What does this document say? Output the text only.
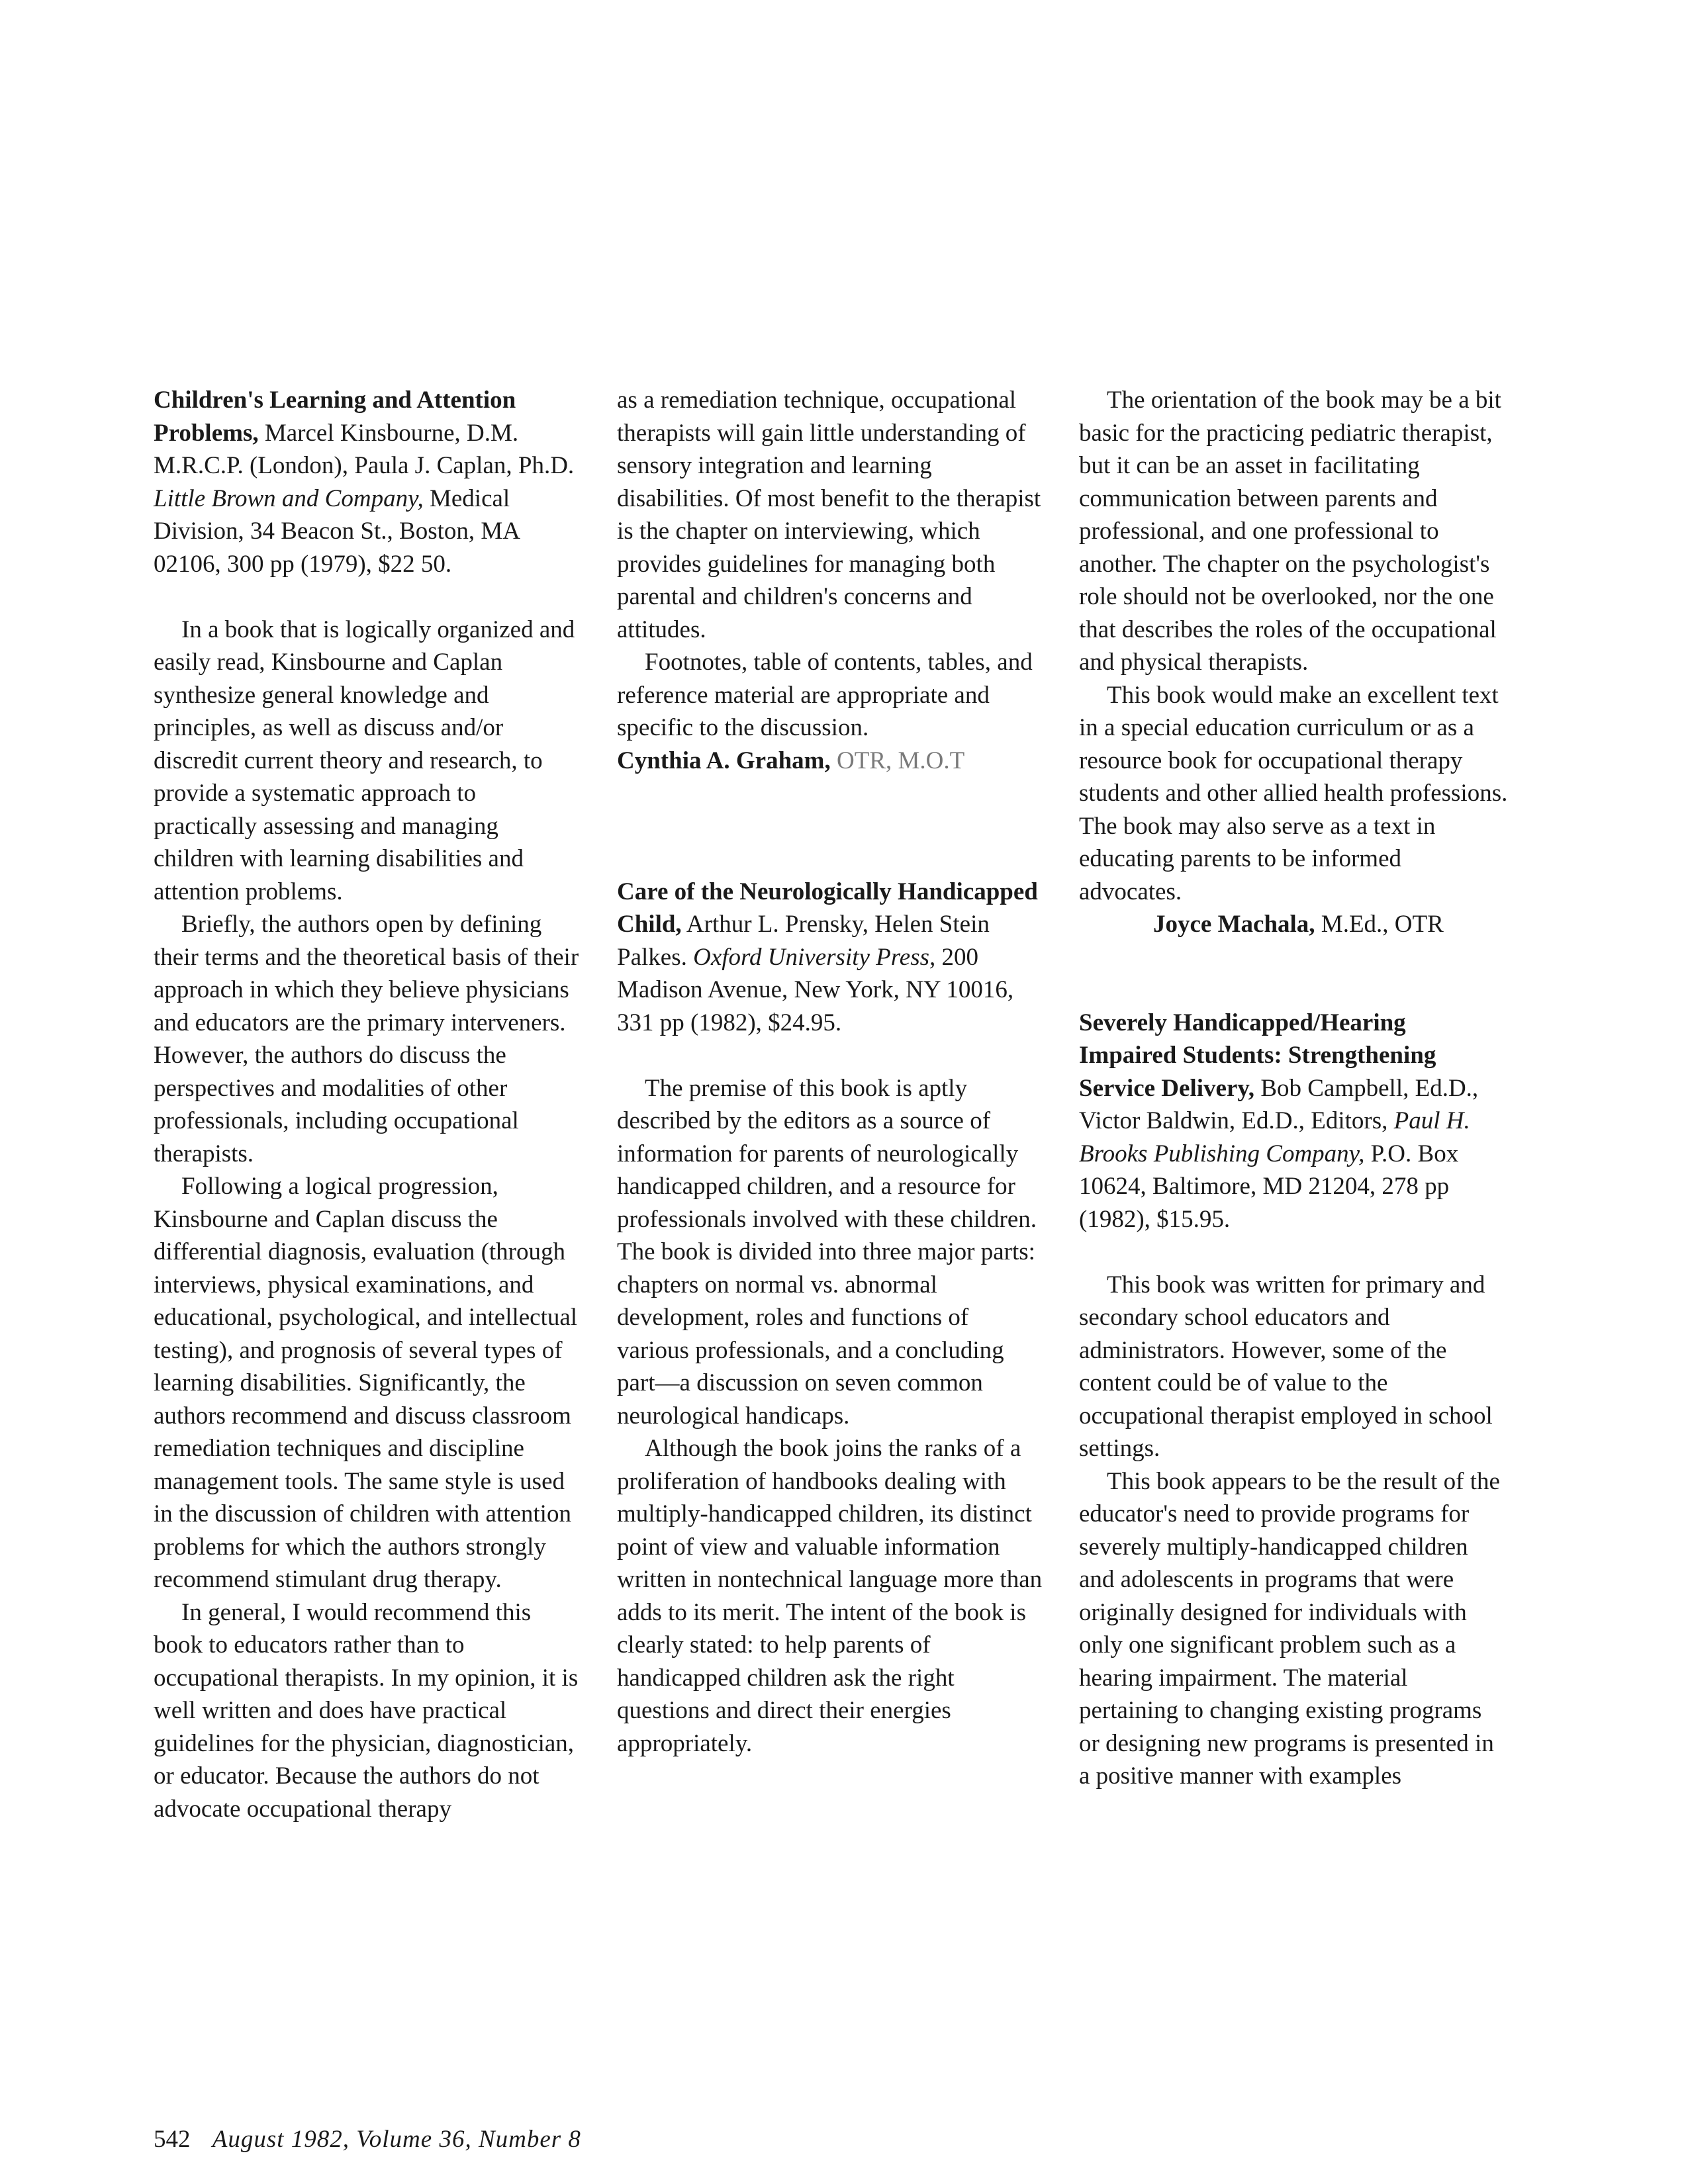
Children's Learning and Attention Problems, Marcel Kinsbourne, D.M. M.R.C.P. (London), Paula J. Caplan, Ph.D. Little Brown and Company, Medical Division, 34 Beacon St., Boston, MA 02106, 300 pp (1979), $22 50.

In a book that is logically organized and easily read, Kinsbourne and Caplan synthesize general knowledge and principles, as well as discuss and/or discredit current theory and research, to provide a systematic approach to practically assessing and managing children with learning disabilities and attention problems.

Briefly, the authors open by defining their terms and the theoretical basis of their approach in which they believe physicians and educators are the primary interveners. However, the authors do discuss the perspectives and modalities of other professionals, including occupational therapists.

Following a logical progression, Kinsbourne and Caplan discuss the differential diagnosis, evaluation (through interviews, physical examinations, and educational, psychological, and intellectual testing), and prognosis of several types of learning disabilities. Significantly, the authors recommend and discuss classroom remediation techniques and discipline management tools. The same style is used in the discussion of children with attention problems for which the authors strongly recommend stimulant drug therapy.

In general, I would recommend this book to educators rather than to occupational therapists. In my opinion, it is well written and does have practical guidelines for the physician, diagnostician, or educator. Because the authors do not advocate occupational therapy

as a remediation technique, occupational therapists will gain little understanding of sensory integration and learning disabilities. Of most benefit to the therapist is the chapter on interviewing, which provides guidelines for managing both parental and children's concerns and attitudes.

Footnotes, table of contents, tables, and reference material are appropriate and specific to the discussion.

Cynthia A. Graham, OTR, M.O.T

Care of the Neurologically Handicapped Child, Arthur L. Prensky, Helen Stein Palkes. Oxford University Press, 200 Madison Avenue, New York, NY 10016, 331 pp (1982), $24.95.

The premise of this book is aptly described by the editors as a source of information for parents of neurologically handicapped children, and a resource for professionals involved with these children. The book is divided into three major parts: chapters on normal vs. abnormal development, roles and functions of various professionals, and a concluding part—a discussion on seven common neurological handicaps.

Although the book joins the ranks of a proliferation of handbooks dealing with multiply-handicapped children, its distinct point of view and valuable information written in nontechnical language more than adds to its merit. The intent of the book is clearly stated: to help parents of handicapped children ask the right questions and direct their energies appropriately.

The orientation of the book may be a bit basic for the practicing pediatric therapist, but it can be an asset in facilitating communication between parents and professional, and one professional to another. The chapter on the psychologist's role should not be overlooked, nor the one that describes the roles of the occupational and physical therapists.

This book would make an excellent text in a special education curriculum or as a resource book for occupational therapy students and other allied health professions. The book may also serve as a text in educating parents to be informed advocates.

Joyce Machala, M.Ed., OTR

Severely Handicapped/Hearing Impaired Students: Strengthening Service Delivery, Bob Campbell, Ed.D., Victor Baldwin, Ed.D., Editors, Paul H. Brooks Publishing Company, P.O. Box 10624, Baltimore, MD 21204, 278 pp (1982), $15.95.

This book was written for primary and secondary school educators and administrators. However, some of the content could be of value to the occupational therapist employed in school settings.

This book appears to be the result of the educator's need to provide programs for severely multiply-handicapped children and adolescents in programs that were originally designed for individuals with only one significant problem such as a hearing impairment. The material pertaining to changing existing programs or designing new programs is presented in a positive manner with examples

542 August 1982, Volume 36, Number 8
